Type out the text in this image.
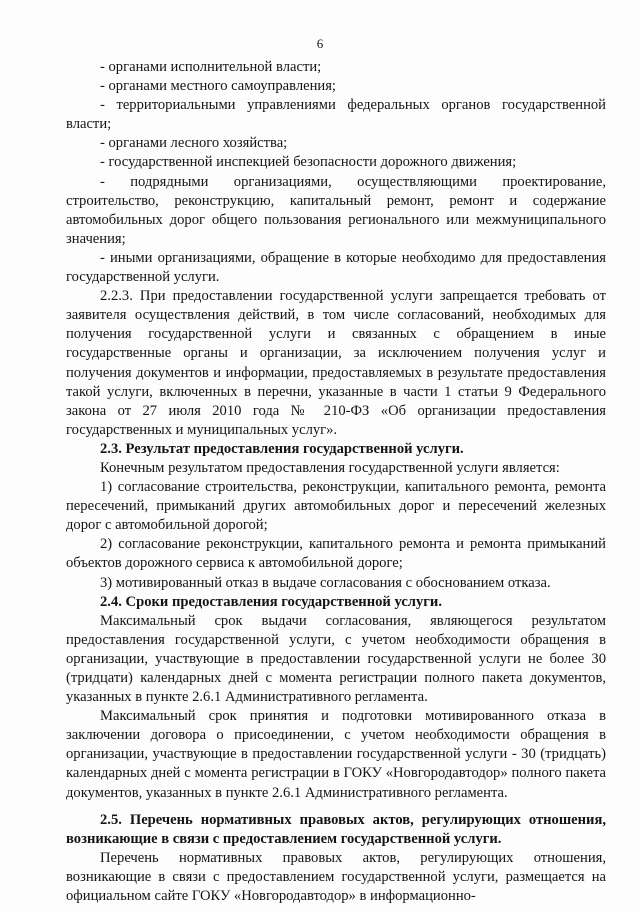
6

- органами исполнительной власти;

- органами местного самоуправления;

- территориальными управлениями федеральных органов государственной власти;

- органами лесного хозяйства;

- государственной инспекцией безопасности дорожного движения;

- подрядными организациями, осуществляющими проектирование, строительство, реконструкцию, капитальный ремонт, ремонт и содержание автомобильных дорог общего пользования регионального или межмуниципального значения;

- иными организациями, обращение в которые необходимо для предоставления государственной услуги.

2.2.3. При предоставлении государственной услуги запрещается требовать от заявителя осуществления действий, в том числе согласований, необходимых для получения государственной услуги и связанных с обращением в иные государственные органы и организации, за исключением получения услуг и получения документов и информации, предоставляемых в результате предоставления такой услуги, включенных в перечни, указанные в части 1 статьи 9 Федерального закона от 27 июля 2010 года № 210-ФЗ «Об организации предоставления государственных и муниципальных услуг».

2.3. Результат предоставления государственной услуги.

Конечным результатом предоставления государственной услуги является:

1) согласование строительства, реконструкции, капитального ремонта, ремонта пересечений, примыканий других автомобильных дорог и пересечений железных дорог с автомобильной дорогой;

2) согласование реконструкции, капитального ремонта и ремонта примыканий объектов дорожного сервиса к автомобильной дороге;

3) мотивированный отказ в выдаче согласования с обоснованием отказа.

2.4. Сроки предоставления государственной услуги.

Максимальный срок выдачи согласования, являющегося результатом предоставления государственной услуги, с учетом необходимости обращения в организации, участвующие в предоставлении государственной услуги не более 30 (тридцати) календарных дней с момента регистрации полного пакета документов, указанных в пункте 2.6.1 Административного регламента.

Максимальный срок принятия и подготовки мотивированного отказа в заключении договора о присоединении, с учетом необходимости обращения в организации, участвующие в предоставлении государственной услуги - 30 (тридцать) календарных дней с момента регистрации в ГОКУ «Новгородавтодор» полного пакета документов, указанных в пункте 2.6.1 Административного регламента.

2.5. Перечень нормативных правовых актов, регулирующих отношения, возникающие в связи с предоставлением государственной услуги.

Перечень нормативных правовых актов, регулирующих отношения, возникающие в связи с предоставлением государственной услуги, размещается на официальном сайте ГОКУ «Новгородавтодор» в информационно-
